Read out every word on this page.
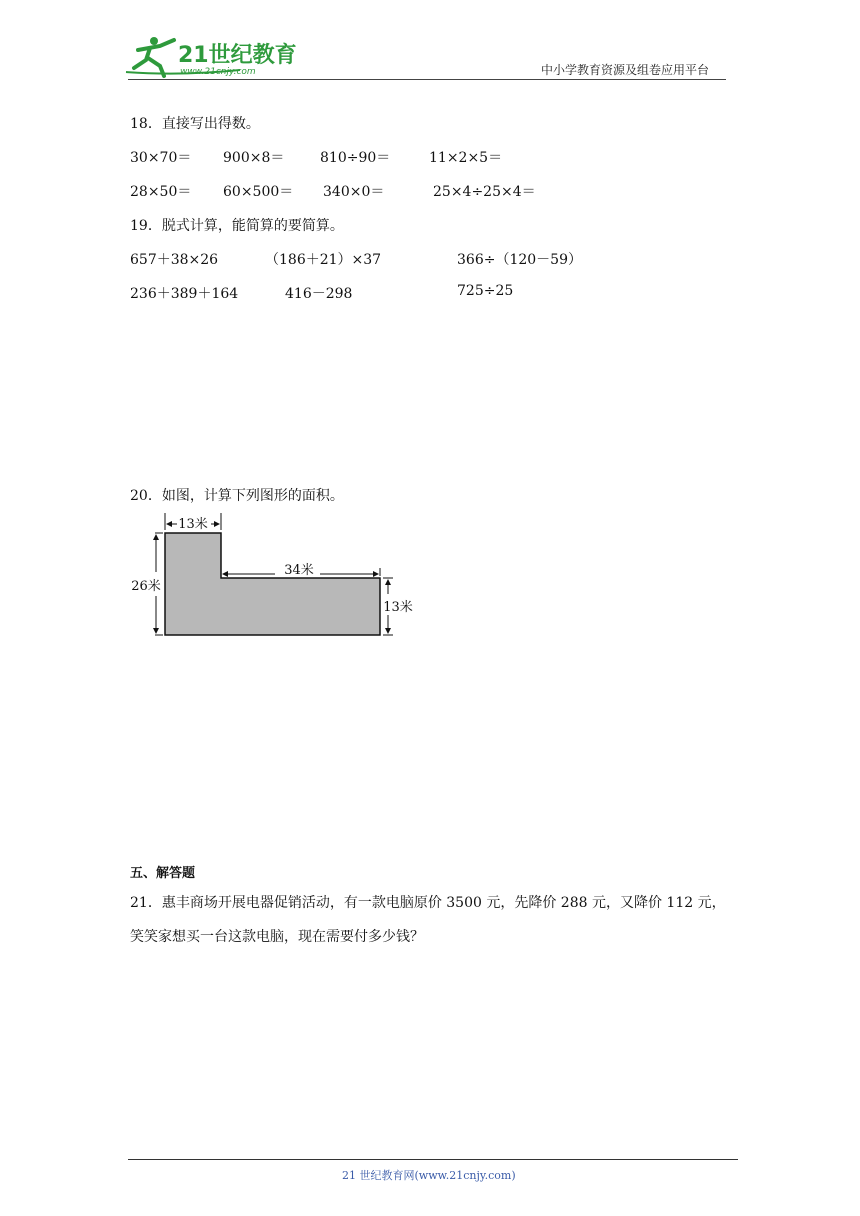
21世纪教育
www.21cnjy.com	中小学教育资源及组卷应用平台
18．直接写出得数。
30×70＝ 900×8＝	810÷90＝	11×2×5＝
28×50＝ 60×500＝ 340×0＝	25×4÷25×4＝
19．脱式计算，能简算的要简算。
657＋38×26	（186＋21）×37	366÷（120－59）
236＋389＋164	416－298	725÷25
20．如图，计算下列图形的面积。
13米
26米
34米
13米
五、解答题
21．惠丰商场开展电器促销活动，有一款电脑原价 3500 元，先降价 288 元，又降价 112 元，
笑笑家想买一台这款电脑，现在需要付多少钱？
21 世纪教育网(www.21cnjy.com)
